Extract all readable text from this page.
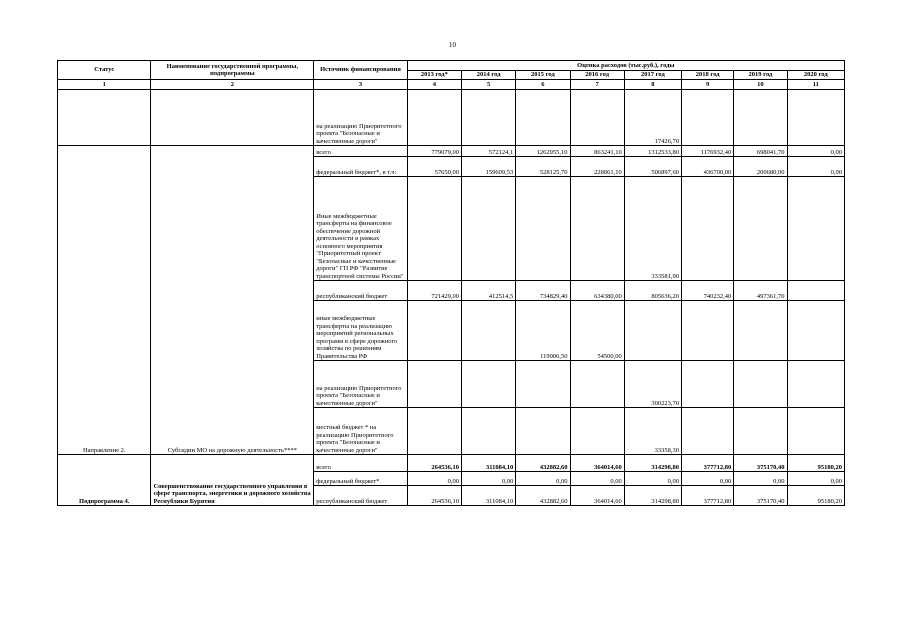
10
Статус	Наименование государственной программы, подпрограммы	Источник финансирования	Оценка расходов (тыс.руб.), годы							
			2013 год*	2014 год	2015 год	2016 год	2017 год	2018 год	2019 год	2020 год
1	2	3	4	5	6	7	8	9	10	11
		на реализацию Приоритетного проекта "Безопасные и качественные дороги"					17426,70			
Направление 2.	Субсидии МО на дорожную деятельность****	всего	779079,00	572124,1	1262955,10	863241,10	1312533,80	1176932,40	698041,70	0,00
		федеральный бюджет*, в т.ч:	57650,00	159609,53	528125,70	228861,10	506897,60	436700,00	200680,00	0,00
		Иные межбюджетные трансферты на финансовое обеспечение дорожной деятельности в рамках основного мероприятия "Приоритетный проект "Безопасные и качественные дороги" ГП РФ "Развитие транспортной системы России"					333581,90			
		республиканский бюджет	721429,00	412514,5	734829,40	634380,00	805636,20	740232,40	497361,70	
		иные межбюджетные трансферты на реализацию мероприятий региональных программ в сфере дорожного хозяйства по решениям Правительства РФ			119906,50	54500,00				
		на реализацию Приоритетного проекта "Безопасные и качественные дороги"					300223,70			
		местный бюджет * на реализацию Приоритетного проекта "Безопасные и качественные дороги"					33358,30			
Подпрограмма 4.	Совершенствование государственного управления в сфере транспорта, энергетики и дорожного хозяйства Республики Бурятия	всего	264536,10	311084,10	432882,60	364014,60	314298,80	377712,80	375170,40	95180,20
		федеральный бюджет*	0,00	0,00	0,00	0,00	0,00	0,00	0,00	0,00
		республиканский бюджет	264536,10	311084,10	432882,60	364014,60	314298,80	377712,80	375170,40	95180,20
